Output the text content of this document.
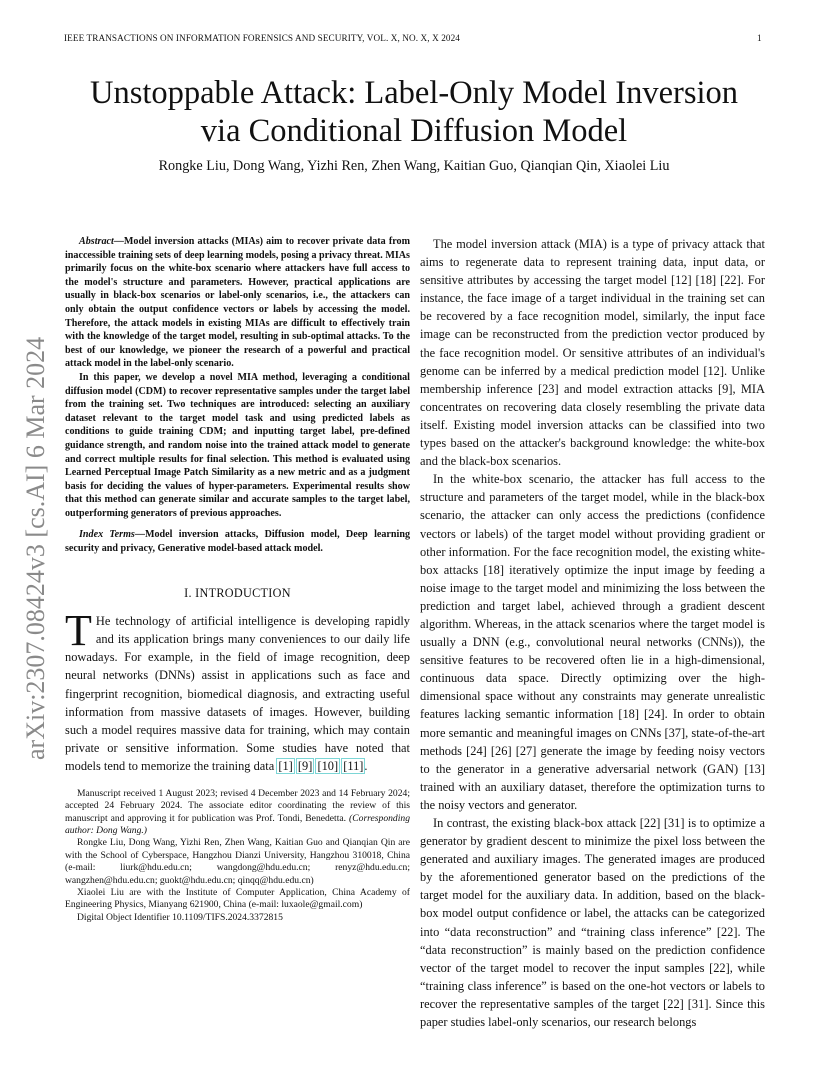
IEEE TRANSACTIONS ON INFORMATION FORENSICS AND SECURITY, VOL. X, NO. X, X 2024	1
arXiv:2307.08424v3 [cs.AI] 6 Mar 2024
Unstoppable Attack: Label-Only Model Inversion
via Conditional Diffusion Model
Rongke Liu, Dong Wang, Yizhi Ren, Zhen Wang, Kaitian Guo, Qianqian Qin, Xiaolei Liu

Abstract—Model inversion attacks (MIAs) aim to recover private data from inaccessible training sets of deep learning models, posing a privacy threat. MIAs primarily focus on the white-box scenario where attackers have full access to the model's structure and parameters. However, practical applications are usually in black-box scenarios or label-only scenarios, i.e., the attackers can only obtain the output confidence vectors or labels by accessing the model. Therefore, the attack models in existing MIAs are difficult to effectively train with the knowledge of the target model, resulting in sub-optimal attacks. To the best of our knowledge, we pioneer the research of a powerful and practical attack model in the label-only scenario.

In this paper, we develop a novel MIA method, leveraging a conditional diffusion model (CDM) to recover representative samples under the target label from the training set. Two techniques are introduced: selecting an auxiliary dataset relevant to the target model task and using predicted labels as conditions to guide training CDM; and inputting target label, pre-defined guidance strength, and random noise into the trained attack model to generate and correct multiple results for final selection. This method is evaluated using Learned Perceptual Image Patch Similarity as a new metric and as a judgment basis for deciding the values of hyper-parameters. Experimental results show that this method can generate similar and accurate samples to the target label, outperforming generators of previous approaches.

Index Terms—Model inversion attacks, Diffusion model, Deep learning security and privacy, Generative model-based attack model.
I. INTRODUCTION

T He technology of artificial intelligence is developing rapidly and its application brings many conveniences to our daily life nowadays. For example, in the field of image recognition, deep neural networks (DNNs) assist in applications such as face and fingerprint recognition, biomedical diagnosis, and extracting useful information from massive datasets of images. However, building such a model requires massive data for training, which may contain private or sensitive information. Some studies have noted that models tend to memorize the training data [1] [9] [10] [11].

Manuscript received 1 August 2023; revised 4 December 2023 and 14 February 2024; accepted 24 February 2024. The associate editor coordinating the review of this manuscript and approving it for publication was Prof. Tondi, Benedetta. (Corresponding author: Dong Wang.)

Rongke Liu, Dong Wang, Yizhi Ren, Zhen Wang, Kaitian Guo and Qianqian Qin are with the School of Cyberspace, Hangzhou Dianzi University, Hangzhou 310018, China (e-mail: liurk@hdu.edu.cn; wangdong@hdu.edu.cn; renyz@hdu.edu.cn; wangzhen@hdu.edu.cn; guokt@hdu.edu.cn; qinqq@hdu.edu.cn)

Xiaolei Liu are with the Institute of Computer Application, China Academy of Engineering Physics, Mianyang 621900, China (e-mail: luxaole@gmail.com)

Digital Object Identifier 10.1109/TIFS.2024.3372815

The model inversion attack (MIA) is a type of privacy attack that aims to regenerate data to represent training data, input data, or sensitive attributes by accessing the target model [12] [18] [22]. For instance, the face image of a target individual in the training set can be recovered by a face recognition model, similarly, the input face image can be reconstructed from the prediction vector produced by the face recognition model. Or sensitive attributes of an individual's genome can be inferred by a medical prediction model [12]. Unlike membership inference [23] and model extraction attacks [9], MIA concentrates on recovering data closely resembling the private data itself. Existing model inversion attacks can be classified into two types based on the attacker's background knowledge: the white-box and the black-box scenarios.

In the white-box scenario, the attacker has full access to the structure and parameters of the target model, while in the black-box scenario, the attacker can only access the predictions (confidence vectors or labels) of the target model without providing gradient or other information. For the face recognition model, the existing white-box attacks [18] iteratively optimize the input image by feeding a noise image to the target model and minimizing the loss between the prediction and target label, achieved through a gradient descent algorithm. Whereas, in the attack scenarios where the target model is usually a DNN (e.g., convolutional neural networks (CNNs)), the sensitive features to be recovered often lie in a high-dimensional, continuous data space. Directly optimizing over the high-dimensional space without any constraints may generate unrealistic features lacking semantic information [18] [24]. In order to obtain more semantic and meaningful images on CNNs [37], state-of-the-art methods [24] [26] [27] generate the image by feeding noisy vectors to the generator in a generative adversarial network (GAN) [13] trained with an auxiliary dataset, therefore the optimization turns to the noisy vectors and generator.

In contrast, the existing black-box attack [22] [31] is to optimize a generator by gradient descent to minimize the pixel loss between the generated and auxiliary images. The generated images are produced by the aforementioned generator based on the predictions of the target model for the auxiliary data. In addition, based on the black-box model output confidence or label, the attacks can be categorized into “data reconstruction” and “training class inference” [22]. The “data reconstruction” is mainly based on the prediction confidence vector of the target model to recover the input samples [22], while “training class inference” is based on the one-hot vectors or labels to recover the representative samples of the target [22] [31]. Since this paper studies label-only scenarios, our research belongs
